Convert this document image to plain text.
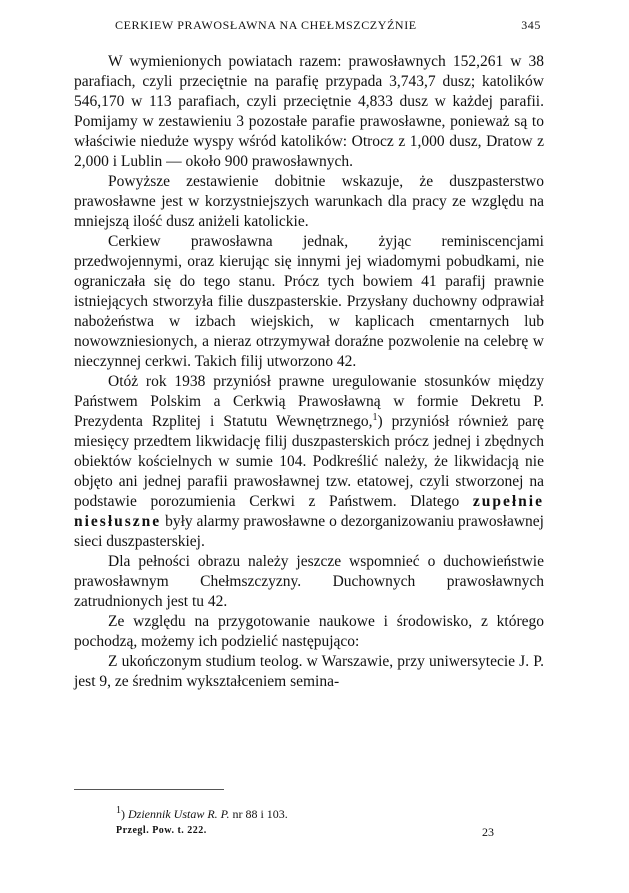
CERKIEW PRAWOSŁAWNA NA CHEŁMSZCZYŹNIE	345

W wymienionych powiatach razem: prawosławnych 152,261 w 38 parafiach, czyli przeciętnie na parafię przypada 3,743,7 dusz; katolików 546,170 w 113 parafiach, czyli przeciętnie 4,833 dusz w każdej parafii. Pomijamy w zestawieniu 3 pozostałe parafie prawosławne, ponieważ są to właściwie nieduże wyspy wśród katolików: Otrocz z 1,000 dusz, Dratow z 2,000 i Lublin — około 900 prawosławnych.

Powyższe zestawienie dobitnie wskazuje, że duszpasterstwo prawosławne jest w korzystniejszych warunkach dla pracy ze względu na mniejszą ilość dusz aniżeli katolickie.

Cerkiew prawosławna jednak, żyjąc reminiscencjami przedwojennymi, oraz kierując się innymi jej wiadomymi pobudkami, nie ograniczała się do tego stanu. Prócz tych bowiem 41 parafij prawnie istniejących stworzyła filie duszpasterskie. Przysłany duchowny odprawiał nabożeństwa w izbach wiejskich, w kaplicach cmentarnych lub nowowzniesionych, a nieraz otrzymywał doraźne pozwolenie na celebrę w nieczynnej cerkwi. Takich filij utworzono 42.

Otóż rok 1938 przyniósł prawne uregulowanie stosunków między Państwem Polskim a Cerkwią Prawosławną w formie Dekretu P. Prezydenta Rzplitej i Statutu Wewnętrznego,$^1$) przyniósł również parę miesięcy przedtem likwidację filij duszpasterskich prócz jednej i zbędnych obiektów kościelnych w sumie 104. Podkreślić należy, że likwidacją nie objęto ani jednej parafii prawosławnej tzw. etatowej, czyli stworzonej na podstawie porozumienia Cerkwi z Państwem. Dlatego zupełnie niesłuszne były alarmy prawosławne o dezorganizowaniu prawosławnej sieci duszpasterskiej.

Dla pełności obrazu należy jeszcze wspomnieć o duchowieństwie prawosławnym Chełmszczyzny. Duchownych prawosławnych zatrudnionych jest tu 42.

Ze względu na przygotowanie naukowe i środowisko, z którego pochodzą, możemy ich podzielić następująco:

Z ukończonym studium teolog. w Warszawie, przy uniwersytecie J. P. jest 9, ze średnim wykształceniem semina-

$^1$) Dziennik Ustaw R. P. nr 88 i 103.
Przegl. Pow. t. 222.	23
